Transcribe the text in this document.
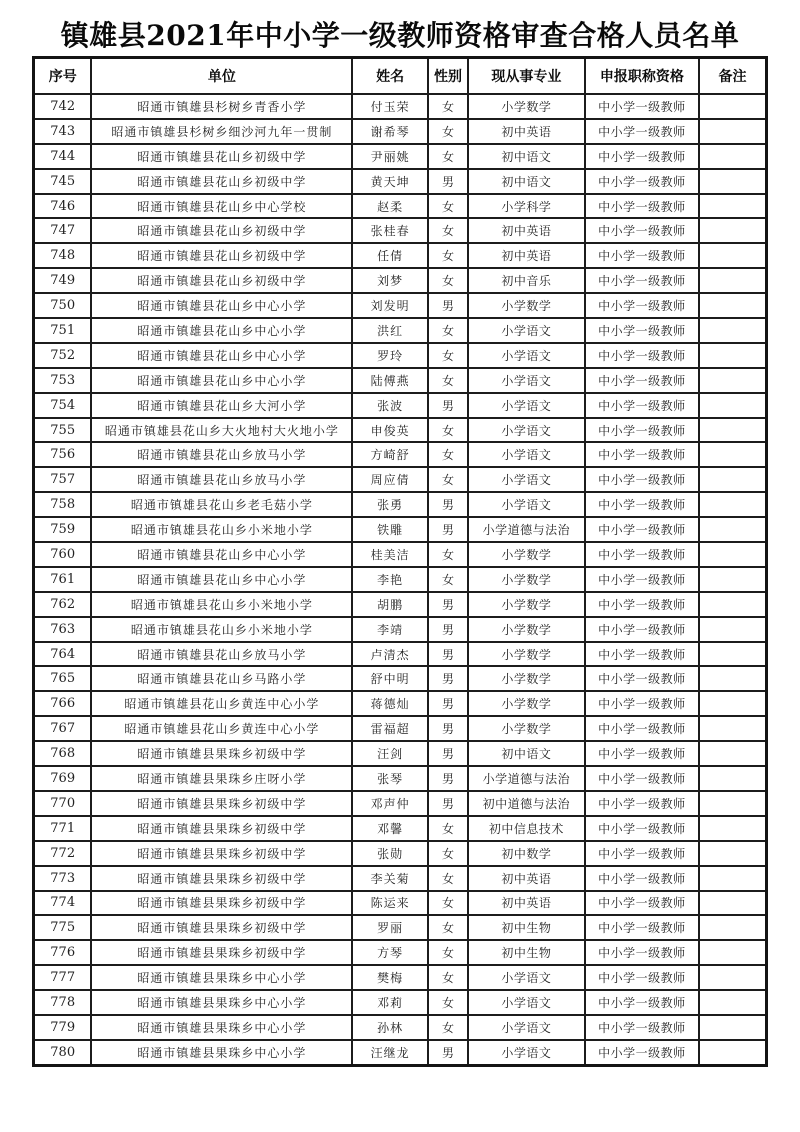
镇雄县2021年中小学一级教师资格审查合格人员名单
序号	单位	姓名	性别	现从事专业	申报职称资格	备注
742	昭通市镇雄县杉树乡青香小学	付玉荣	女	小学数学	中小学一级教师	
743	昭通市镇雄县杉树乡细沙河九年一贯制	谢希琴	女	初中英语	中小学一级教师	
744	昭通市镇雄县花山乡初级中学	尹丽姚	女	初中语文	中小学一级教师	
745	昭通市镇雄县花山乡初级中学	黄天坤	男	初中语文	中小学一级教师	
746	昭通市镇雄县花山乡中心学校	赵柔	女	小学科学	中小学一级教师	
747	昭通市镇雄县花山乡初级中学	张桂春	女	初中英语	中小学一级教师	
748	昭通市镇雄县花山乡初级中学	任倩	女	初中英语	中小学一级教师	
749	昭通市镇雄县花山乡初级中学	刘梦	女	初中音乐	中小学一级教师	
750	昭通市镇雄县花山乡中心小学	刘发明	男	小学数学	中小学一级教师	
751	昭通市镇雄县花山乡中心小学	洪红	女	小学语文	中小学一级教师	
752	昭通市镇雄县花山乡中心小学	罗玲	女	小学语文	中小学一级教师	
753	昭通市镇雄县花山乡中心小学	陆傅燕	女	小学语文	中小学一级教师	
754	昭通市镇雄县花山乡大河小学	张波	男	小学语文	中小学一级教师	
755	昭通市镇雄县花山乡大火地村大火地小学	申俊英	女	小学语文	中小学一级教师	
756	昭通市镇雄县花山乡放马小学	方崎舒	女	小学语文	中小学一级教师	
757	昭通市镇雄县花山乡放马小学	周应倩	女	小学语文	中小学一级教师	
758	昭通市镇雄县花山乡老毛菇小学	张勇	男	小学语文	中小学一级教师	
759	昭通市镇雄县花山乡小米地小学	铁雕	男	小学道德与法治	中小学一级教师	
760	昭通市镇雄县花山乡中心小学	桂美洁	女	小学数学	中小学一级教师	
761	昭通市镇雄县花山乡中心小学	李艳	女	小学数学	中小学一级教师	
762	昭通市镇雄县花山乡小米地小学	胡鹏	男	小学数学	中小学一级教师	
763	昭通市镇雄县花山乡小米地小学	李靖	男	小学数学	中小学一级教师	
764	昭通市镇雄县花山乡放马小学	卢清杰	男	小学数学	中小学一级教师	
765	昭通市镇雄县花山乡马路小学	舒中明	男	小学数学	中小学一级教师	
766	昭通市镇雄县花山乡黄连中心小学	蒋德灿	男	小学数学	中小学一级教师	
767	昭通市镇雄县花山乡黄连中心小学	雷福超	男	小学数学	中小学一级教师	
768	昭通市镇雄县果珠乡初级中学	汪剑	男	初中语文	中小学一级教师	
769	昭通市镇雄县果珠乡庄呀小学	张琴	男	小学道德与法治	中小学一级教师	
770	昭通市镇雄县果珠乡初级中学	邓声仲	男	初中道德与法治	中小学一级教师	
771	昭通市镇雄县果珠乡初级中学	邓馨	女	初中信息技术	中小学一级教师	
772	昭通市镇雄县果珠乡初级中学	张勋	女	初中数学	中小学一级教师	
773	昭通市镇雄县果珠乡初级中学	李关菊	女	初中英语	中小学一级教师	
774	昭通市镇雄县果珠乡初级中学	陈运来	女	初中英语	中小学一级教师	
775	昭通市镇雄县果珠乡初级中学	罗丽	女	初中生物	中小学一级教师	
776	昭通市镇雄县果珠乡初级中学	方琴	女	初中生物	中小学一级教师	
777	昭通市镇雄县果珠乡中心小学	樊梅	女	小学语文	中小学一级教师	
778	昭通市镇雄县果珠乡中心小学	邓莉	女	小学语文	中小学一级教师	
779	昭通市镇雄县果珠乡中心小学	孙林	女	小学语文	中小学一级教师	
780	昭通市镇雄县果珠乡中心小学	汪继龙	男	小学语文	中小学一级教师	
